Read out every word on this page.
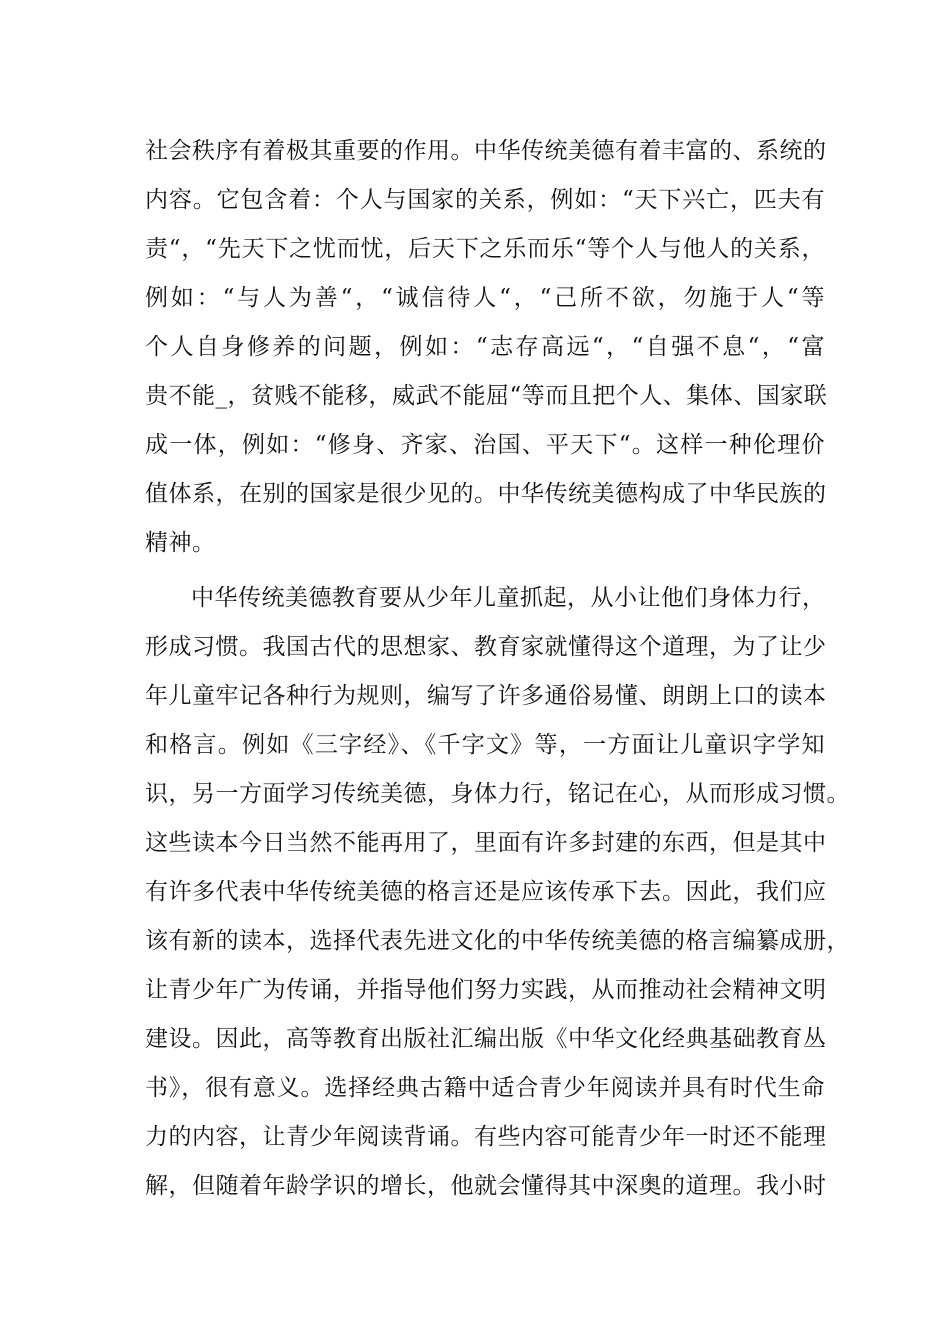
社会秩序有着极其重要的作用。中华传统美德有着丰富的、系统的
内容。它包含着：个人与国家的关系，例如：“天下兴亡，匹夫有
责“，“先天下之忧而忧，后天下之乐而乐“等个人与他人的关系，
例如：“与人为善“，“诚信待人“，“己所不欲，勿施于人“等
个人自身修养的问题，例如：“志存高远“，“自强不息“，“富
贵不能_，贫贱不能移，威武不能屈“等而且把个人、集体、国家联
成一体，例如：“修身、齐家、治国、平天下“。这样一种伦理价
值体系，在别的国家是很少见的。中华传统美德构成了中华民族的
精神。
中华传统美德教育要从少年儿童抓起，从小让他们身体力行，
形成习惯。我国古代的思想家、教育家就懂得这个道理，为了让少
年儿童牢记各种行为规则，编写了许多通俗易懂、朗朗上口的读本
和格言。例如《三字经》、《千字文》等，一方面让儿童识字学知
识，另一方面学习传统美德，身体力行，铭记在心，从而形成习惯。
这些读本今日当然不能再用了，里面有许多封建的东西，但是其中
有许多代表中华传统美德的格言还是应该传承下去。因此，我们应
该有新的读本，选择代表先进文化的中华传统美德的格言编纂成册，
让青少年广为传诵，并指导他们努力实践，从而推动社会精神文明
建设。因此，高等教育出版社汇编出版《中华文化经典基础教育丛
书》，很有意义。选择经典古籍中适合青少年阅读并具有时代生命
力的内容，让青少年阅读背诵。有些内容可能青少年一时还不能理
解，但随着年龄学识的增长，他就会懂得其中深奥的道理。我小时
